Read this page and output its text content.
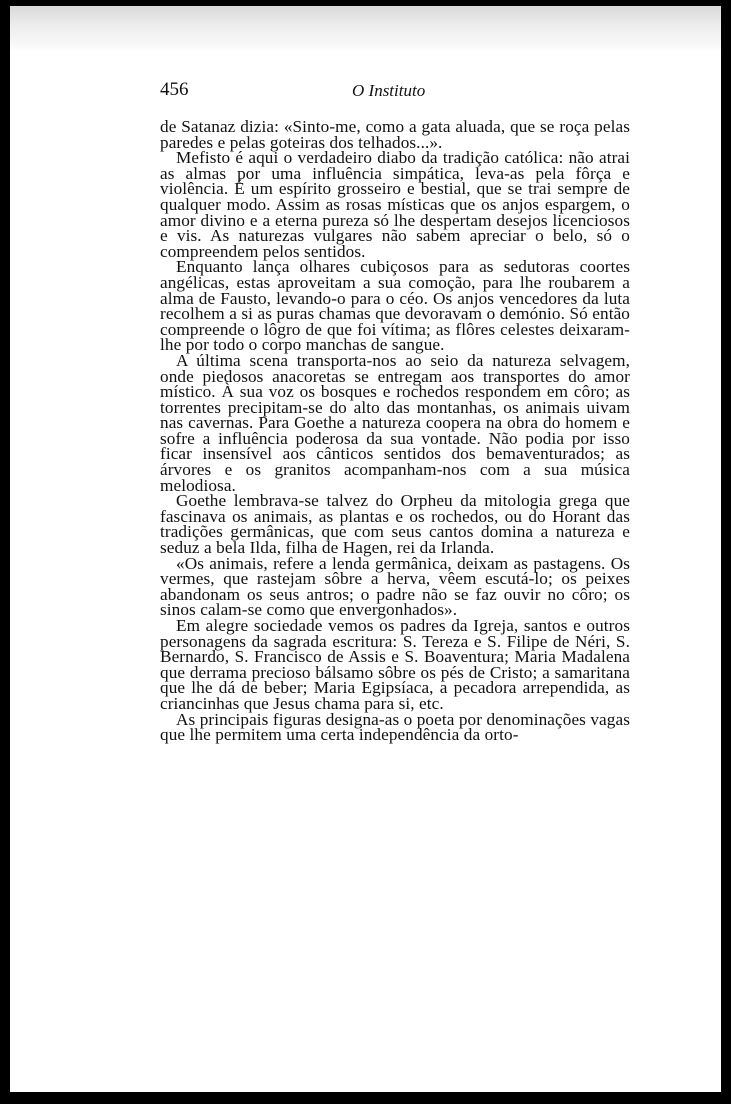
456	O Instituto

de Satanaz dizia: «Sinto-me, como a gata aluada, que se roça pelas paredes e pelas goteiras dos telhados...».

Mefisto é aqui o verdadeiro diabo da tradição católica: não atrai as almas por uma influência simpática, leva-as pela fôrça e violência. É um espírito grosseiro e bestial, que se trai sempre de qualquer modo. Assim as rosas místicas que os anjos espargem, o amor divino e a eterna pureza só lhe despertam desejos licenciosos e vis. As naturezas vulgares não sabem apreciar o belo, só o compreendem pelos sentidos.

Enquanto lança olhares cubiçosos para as sedutoras coortes angélicas, estas aproveitam a sua comoção, para lhe roubarem a alma de Fausto, levando-o para o céo. Os anjos vencedores da luta recolhem a si as puras chamas que devoravam o demónio. Só então compreende o lôgro de que foi vítima; as flôres celestes deixaram-lhe por todo o corpo manchas de sangue.

A última scena transporta-nos ao seio da natureza selvagem, onde piedosos anacoretas se entregam aos transportes do amor místico. À sua voz os bosques e rochedos respondem em côro; as torrentes precipitam-se do alto das montanhas, os animais uivam nas cavernas. Para Goethe a natureza coopera na obra do homem e sofre a influência poderosa da sua vontade. Não podia por isso ficar insensível aos cânticos sentidos dos bemaventurados; as árvores e os granitos acompanham-nos com a sua música melodiosa.

Goethe lembrava-se talvez do Orpheu da mitologia grega que fascinava os animais, as plantas e os rochedos, ou do Horant das tradições germânicas, que com seus cantos domina a natureza e seduz a bela Ilda, filha de Hagen, rei da Irlanda.

«Os animais, refere a lenda germânica, deixam as pastagens. Os vermes, que rastejam sôbre a herva, vêem escutá-lo; os peixes abandonam os seus antros; o padre não se faz ouvir no côro; os sinos calam-se como que envergonhados».

Em alegre sociedade vemos os padres da Igreja, santos e outros personagens da sagrada escritura: S. Tereza e S. Filipe de Néri, S. Bernardo, S. Francisco de Assis e S. Boaventura; Maria Madalena que derrama precioso bálsamo sôbre os pés de Cristo; a samaritana que lhe dá de beber; Maria Egipsíaca, a pecadora arrependida, as criancinhas que Jesus chama para si, etc.

As principais figuras designa-as o poeta por denominações vagas que lhe permitem uma certa independência da orto-
